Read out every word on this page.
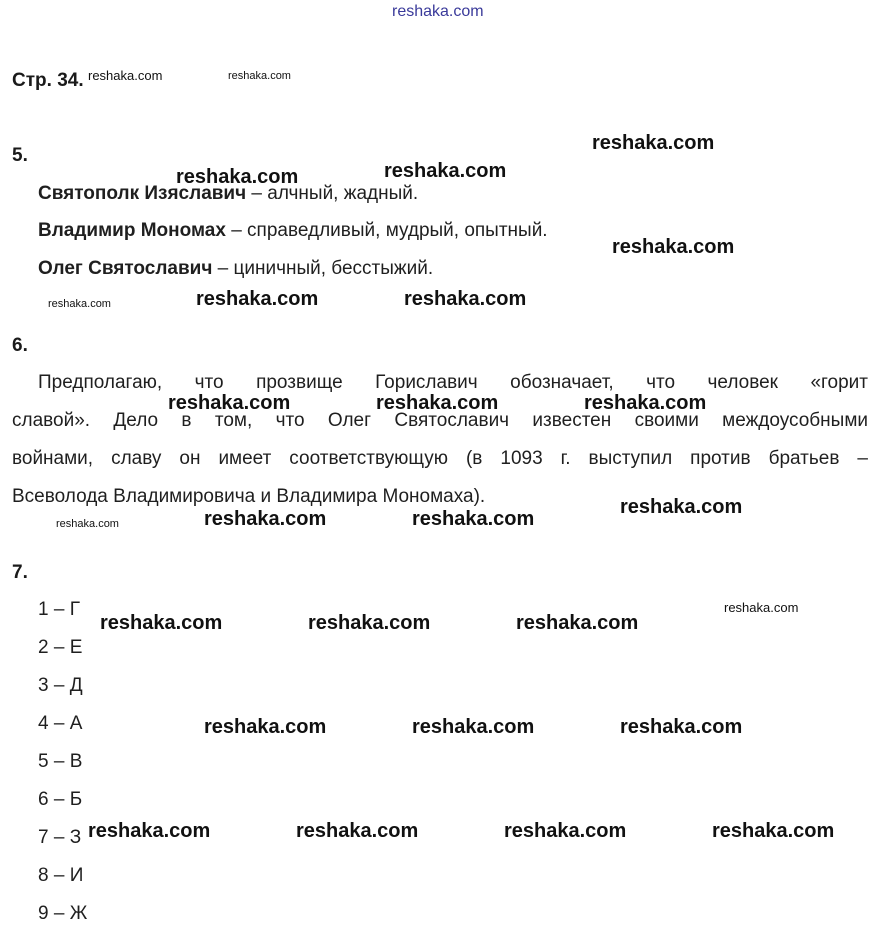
reshaka.com
Стр. 34.
5.
Святополк Изяславич – алчный, жадный.
Владимир Мономах – справедливый, мудрый, опытный.
Олег Святославич – циничный, бесстыжий.
6.
Предполагаю, что прозвище Гориславич обозначает, что человек «горит
славой». Дело в том, что Олег Святославич известен своими междоусобными
войнами, славу он имеет соответствующую (в 1093 г. выступил против братьев –
Всеволода Владимировича и Владимира Мономаха).
7.
1 – Г
2 – Е
3 – Д
4 – А
5 – В
6 – Б
7 – З
8 – И
9 – Ж
reshaka.com
reshaka.com
reshaka.com
reshaka.com
reshaka.com
reshaka.com
reshaka.com	reshaka.com
reshaka.com
reshaka.com	reshaka.com
reshaka.com	reshaka.com	reshaka.com
reshaka.com
reshaka.com	reshaka.com
reshaka.com	reshaka.com	reshaka.com
reshaka.com	reshaka.com	reshaka.com
reshaka.com	reshaka.com	reshaka.com	reshaka.com
